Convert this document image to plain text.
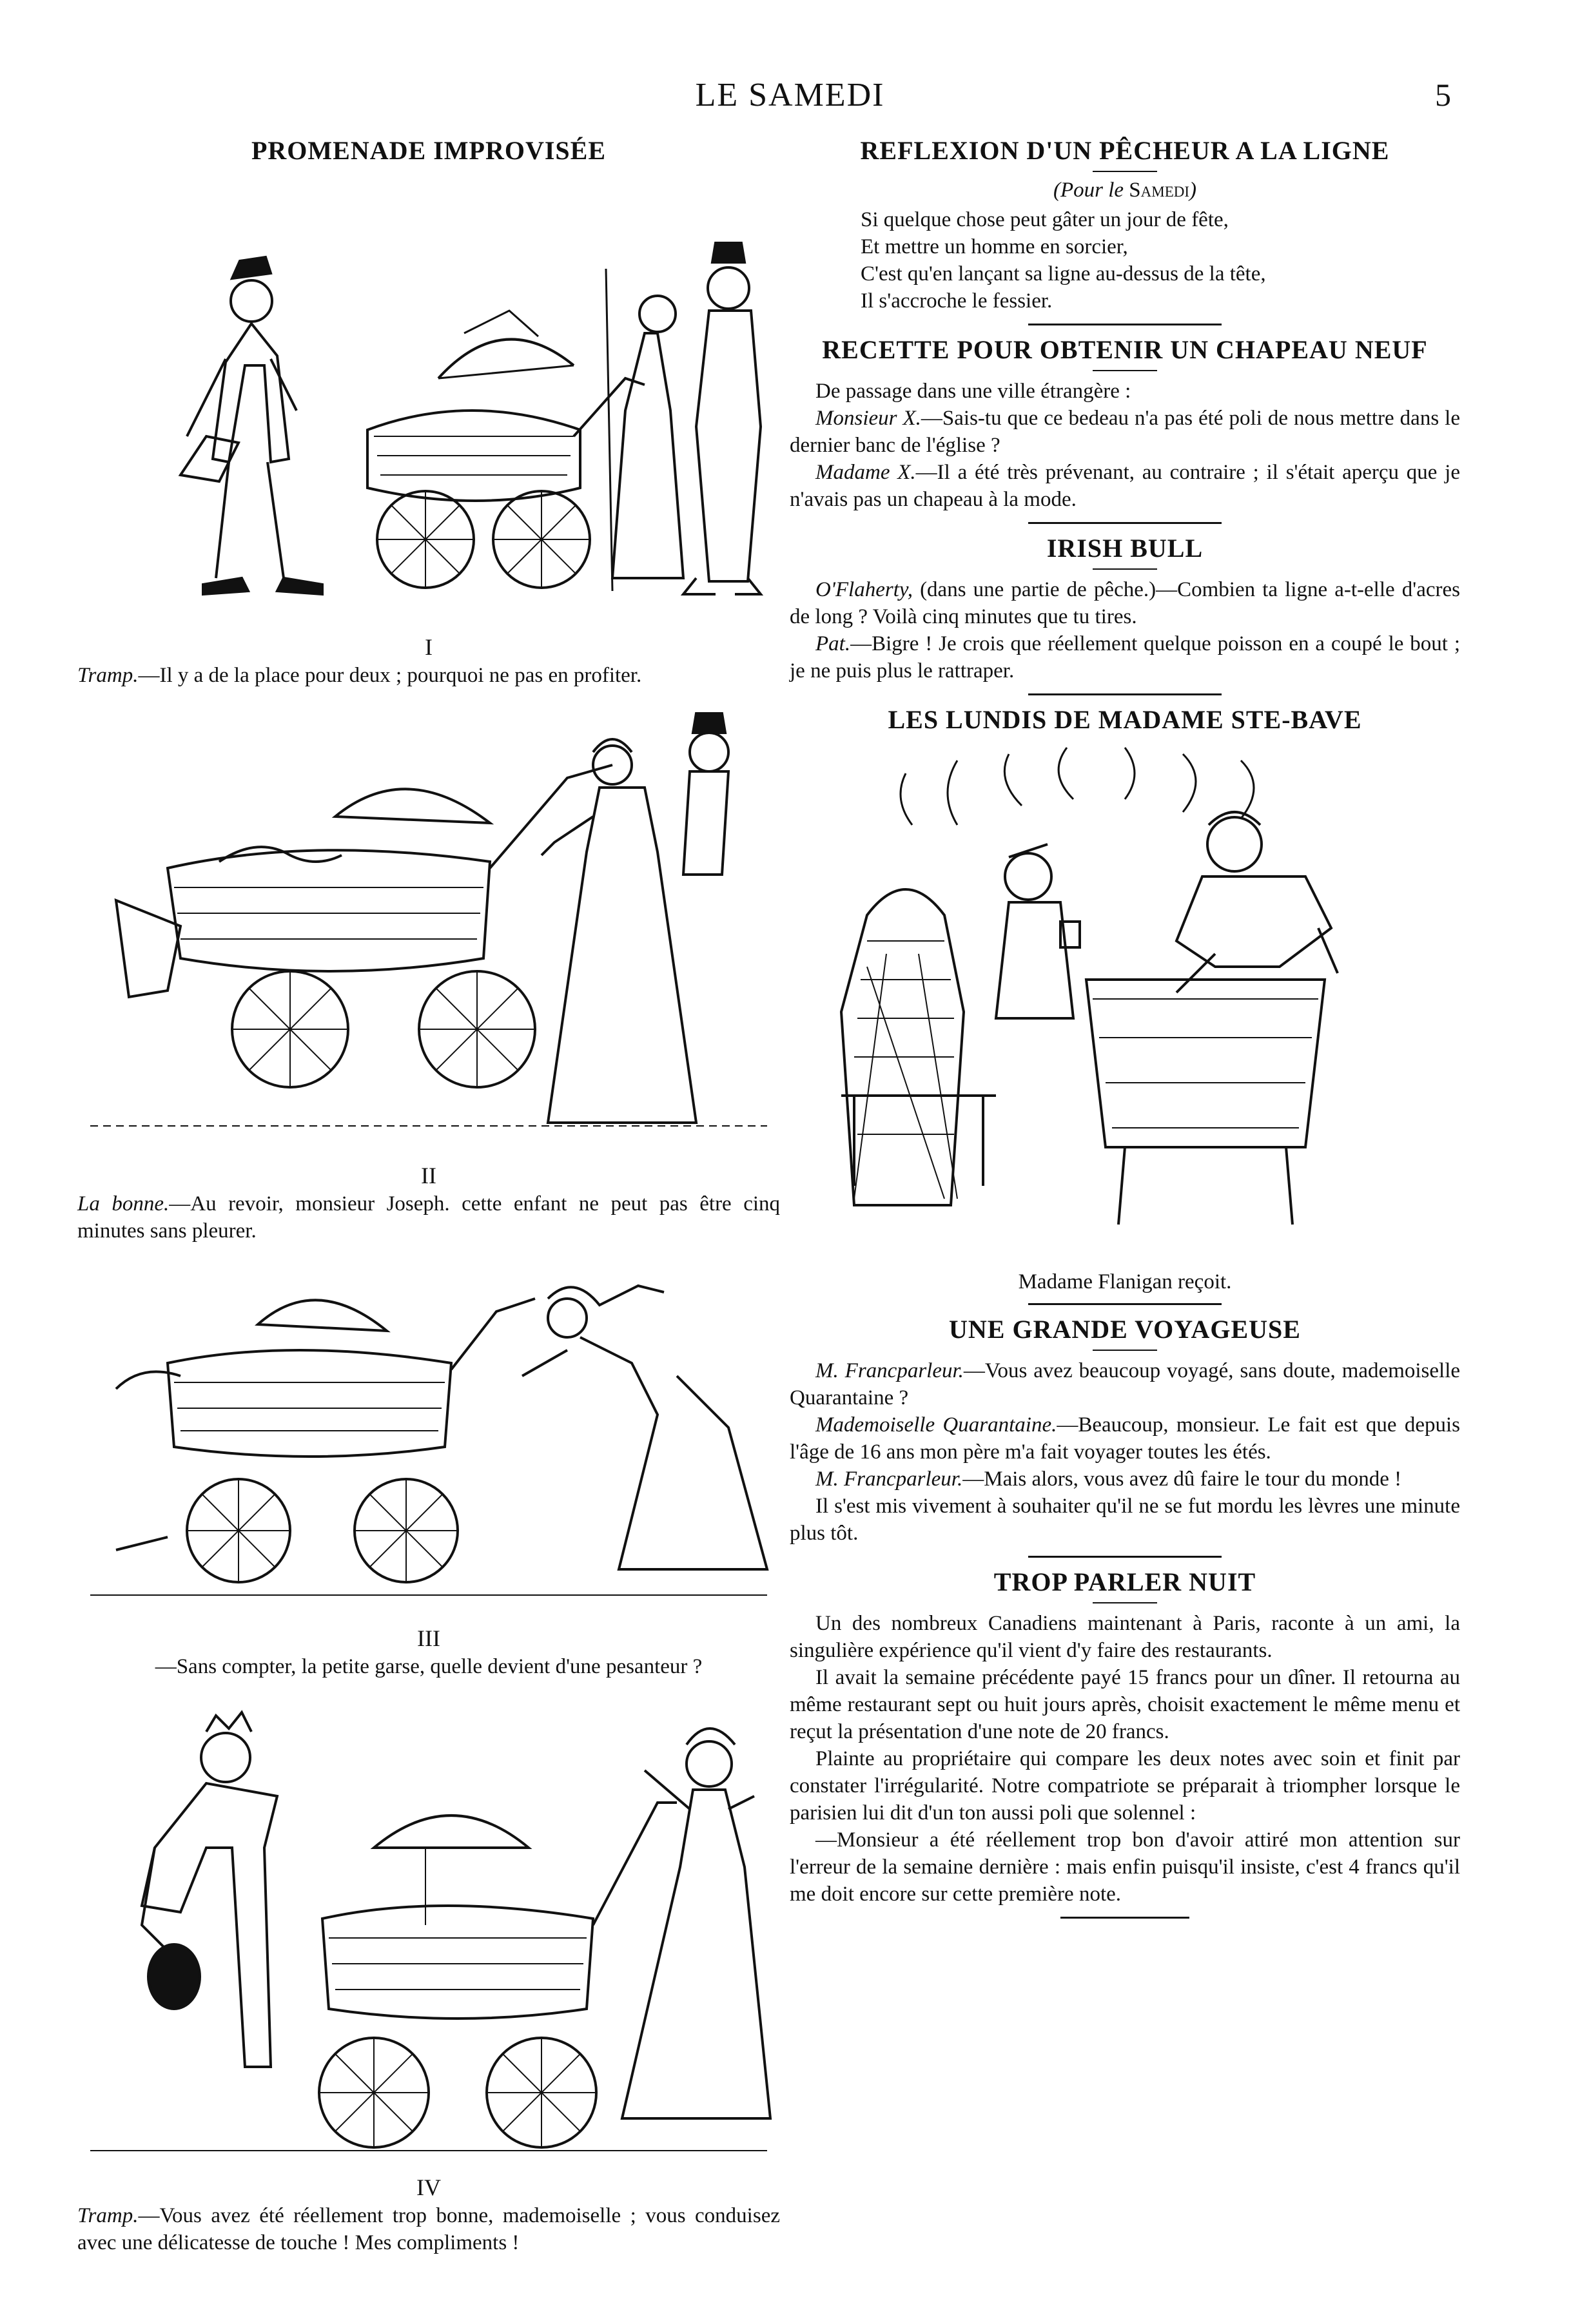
LE SAMEDI	5
PROMENADE IMPROVISÉE
I

Tramp.—Il y a de la place pour deux ; pourquoi ne pas en profiter.

II

La bonne.—Au revoir, monsieur Joseph. cette enfant ne peut pas être cinq minutes sans pleurer.

III

—Sans compter, la petite garse, quelle devient d'une pesanteur ?

IV

Tramp.—Vous avez été réellement trop bonne, mademoiselle ; vous conduisez avec une délicatesse de touche ! Mes compliments !

REFLEXION D'UN PÊCHEUR A LA LIGNE

(Pour le Samedi)

Si quelque chose peut gâter un jour de fête,

Et mettre un homme en sorcier,

C'est qu'en lançant sa ligne au-dessus de la tête,

Il s'accroche le fessier.

RECETTE POUR OBTENIR UN CHAPEAU NEUF

De passage dans une ville étrangère :

Monsieur X.—Sais-tu que ce bedeau n'a pas été poli de nous mettre dans le dernier banc de l'église ?

Madame X.—Il a été très prévenant, au contraire ; il s'était aperçu que je n'avais pas un chapeau à la mode.

IRISH BULL

O'Flaherty, (dans une partie de pêche.)—Combien ta ligne a-t-elle d'acres de long ? Voilà cinq minutes que tu tires.

Pat.—Bigre ! Je crois que réellement quelque poisson en a coupé le bout ; je ne puis plus le rattraper.

LES LUNDIS DE MADAME STE-BAVE

Madame Flanigan reçoit.

UNE GRANDE VOYAGEUSE

M. Francparleur.—Vous avez beaucoup voyagé, sans doute, mademoiselle Quarantaine ?

Mademoiselle Quarantaine.—Beaucoup, monsieur. Le fait est que depuis l'âge de 16 ans mon père m'a fait voyager toutes les étés.

M. Francparleur.—Mais alors, vous avez dû faire le tour du monde !

Il s'est mis vivement à souhaiter qu'il ne se fut mordu les lèvres une minute plus tôt.

TROP PARLER NUIT

Un des nombreux Canadiens maintenant à Paris, raconte à un ami, la singulière expérience qu'il vient d'y faire des restaurants.

Il avait la semaine précédente payé 15 francs pour un dîner. Il retourna au même restaurant sept ou huit jours après, choisit exactement le même menu et reçut la présentation d'une note de 20 francs.

Plainte au propriétaire qui compare les deux notes avec soin et finit par constater l'irrégularité. Notre compatriote se préparait à triompher lorsque le parisien lui dit d'un ton aussi poli que solennel :

—Monsieur a été réellement trop bon d'avoir attiré mon attention sur l'erreur de la semaine dernière : mais enfin puisqu'il insiste, c'est 4 francs qu'il me doit encore sur cette première note.
